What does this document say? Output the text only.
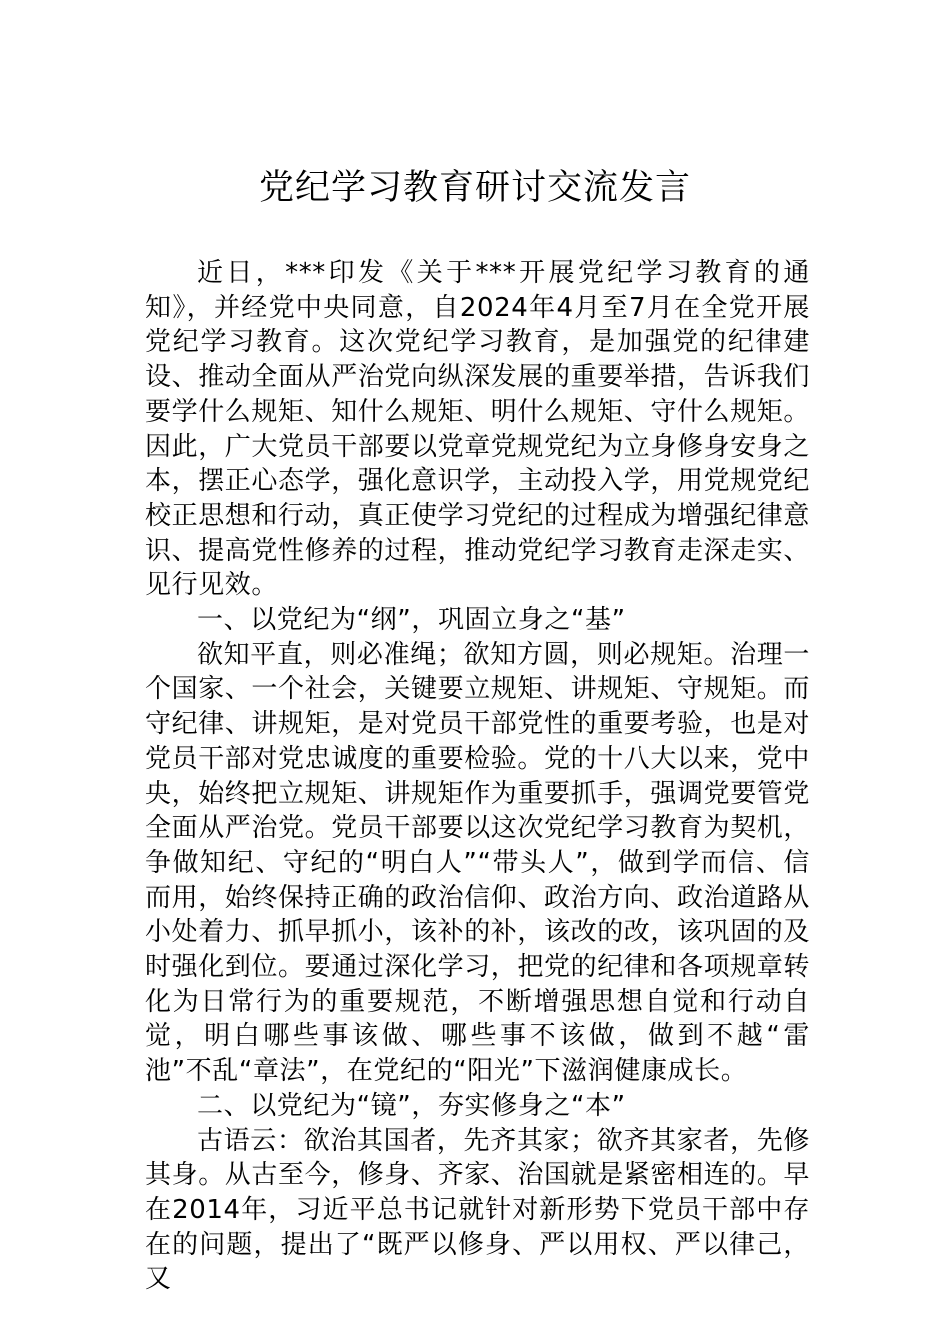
党纪学习教育研讨交流发言

近日，***印发《关于***开展党纪学习教育的通知》，并经党中央同意，自2024年4月至7月在全党开展党纪学习教育。这次党纪学习教育，是加强党的纪律建设、推动全面从严治党向纵深发展的重要举措，告诉我们要学什么规矩、知什么规矩、明什么规矩、守什么规矩。因此，广大党员干部要以党章党规党纪为立身修身安身之本，摆正心态学，强化意识学，主动投入学，用党规党纪校正思想和行动，真正使学习党纪的过程成为增强纪律意识、提高党性修养的过程，推动党纪学习教育走深走实、见行见效。

一、以党纪为“纲”，巩固立身之“基”

欲知平直，则必准绳；欲知方圆，则必规矩。治理一个国家、一个社会，关键要立规矩、讲规矩、守规矩。而守纪律、讲规矩，是对党员干部党性的重要考验，也是对党员干部对党忠诚度的重要检验。党的十八大以来，党中央，始终把立规矩、讲规矩作为重要抓手，强调党要管党全面从严治党。党员干部要以这次党纪学习教育为契机，争做知纪、守纪的“明白人”“带头人”，做到学而信、信而用，始终保持正确的政治信仰、政治方向、政治道路从小处着力、抓早抓小，该补的补，该改的改，该巩固的及时强化到位。要通过深化学习，把党的纪律和各项规章转化为日常行为的重要规范，不断增强思想自觉和行动自觉，明白哪些事该做、哪些事不该做，做到不越“雷池”不乱“章法”，在党纪的“阳光”下滋润健康成长。

二、以党纪为“镜”，夯实修身之“本”

古语云：欲治其国者，先齐其家；欲齐其家者，先修其身。从古至今，修身、齐家、治国就是紧密相连的。早在2014年，习近平总书记就针对新形势下党员干部中存在的问题，提出了“既严以修身、严以用权、严以律己，又
